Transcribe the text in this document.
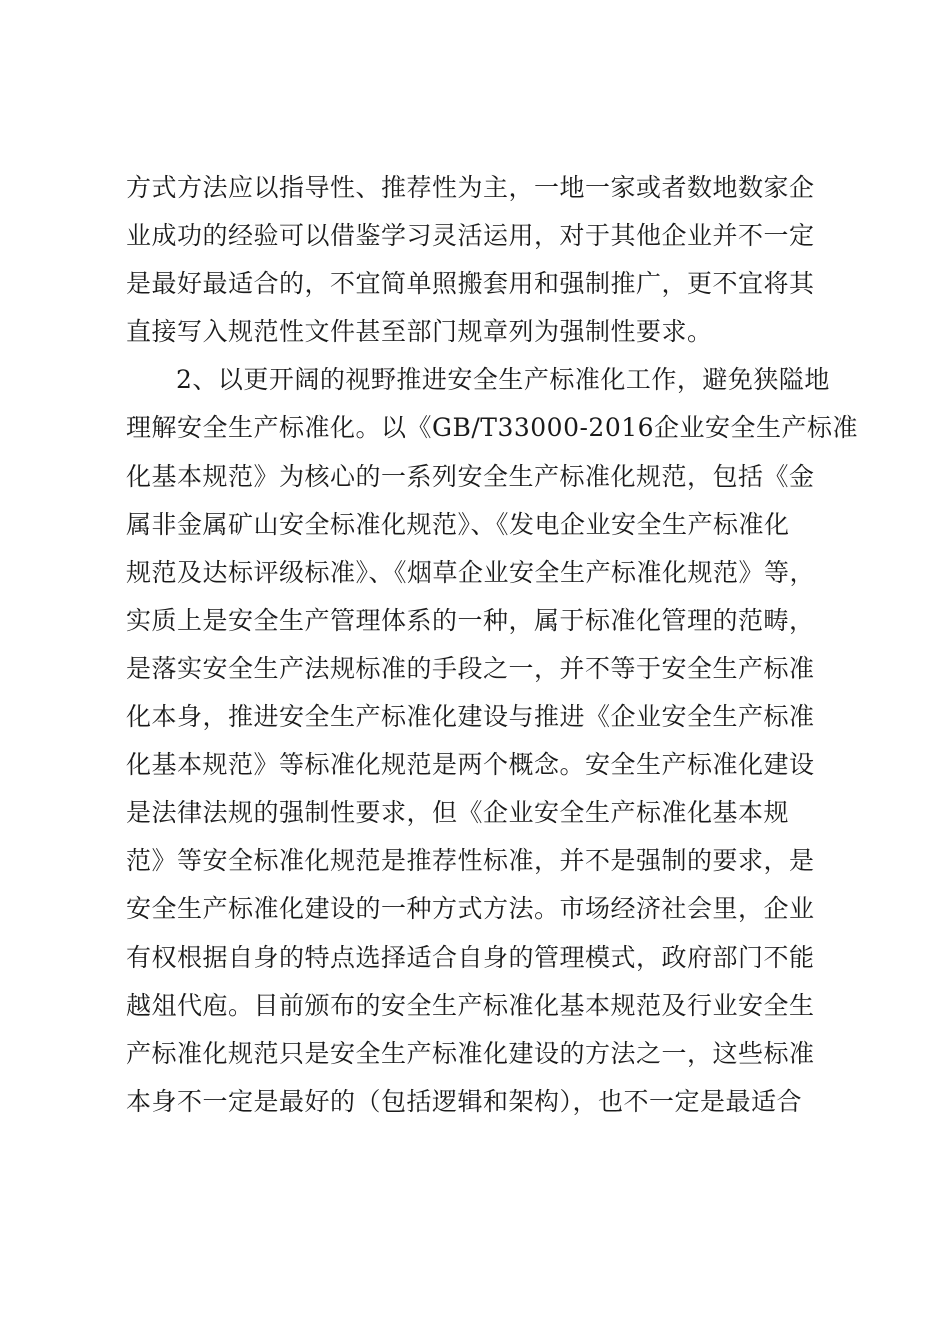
方式方法应以指导性、推荐性为主，一地一家或者数地数家企
业成功的经验可以借鉴学习灵活运用，对于其他企业并不一定
是最好最适合的，不宜简单照搬套用和强制推广，更不宜将其
直接写入规范性文件甚至部门规章列为强制性要求。
2、以更开阔的视野推进安全生产标准化工作，避免狭隘地
理解安全生产标准化。以《GB/T33000-2016企业安全生产标准
化基本规范》为核心的一系列安全生产标准化规范，包括《金
属非金属矿山安全标准化规范》、《发电企业安全生产标准化
规范及达标评级标准》、《烟草企业安全生产标准化规范》等，
实质上是安全生产管理体系的一种，属于标准化管理的范畴，
是落实安全生产法规标准的手段之一，并不等于安全生产标准
化本身，推进安全生产标准化建设与推进《企业安全生产标准
化基本规范》等标准化规范是两个概念。安全生产标准化建设
是法律法规的强制性要求，但《企业安全生产标准化基本规
范》等安全标准化规范是推荐性标准，并不是强制的要求，是
安全生产标准化建设的一种方式方法。市场经济社会里，企业
有权根据自身的特点选择适合自身的管理模式，政府部门不能
越俎代庖。目前颁布的安全生产标准化基本规范及行业安全生
产标准化规范只是安全生产标准化建设的方法之一，这些标准
本身不一定是最好的（包括逻辑和架构），也不一定是最适合
